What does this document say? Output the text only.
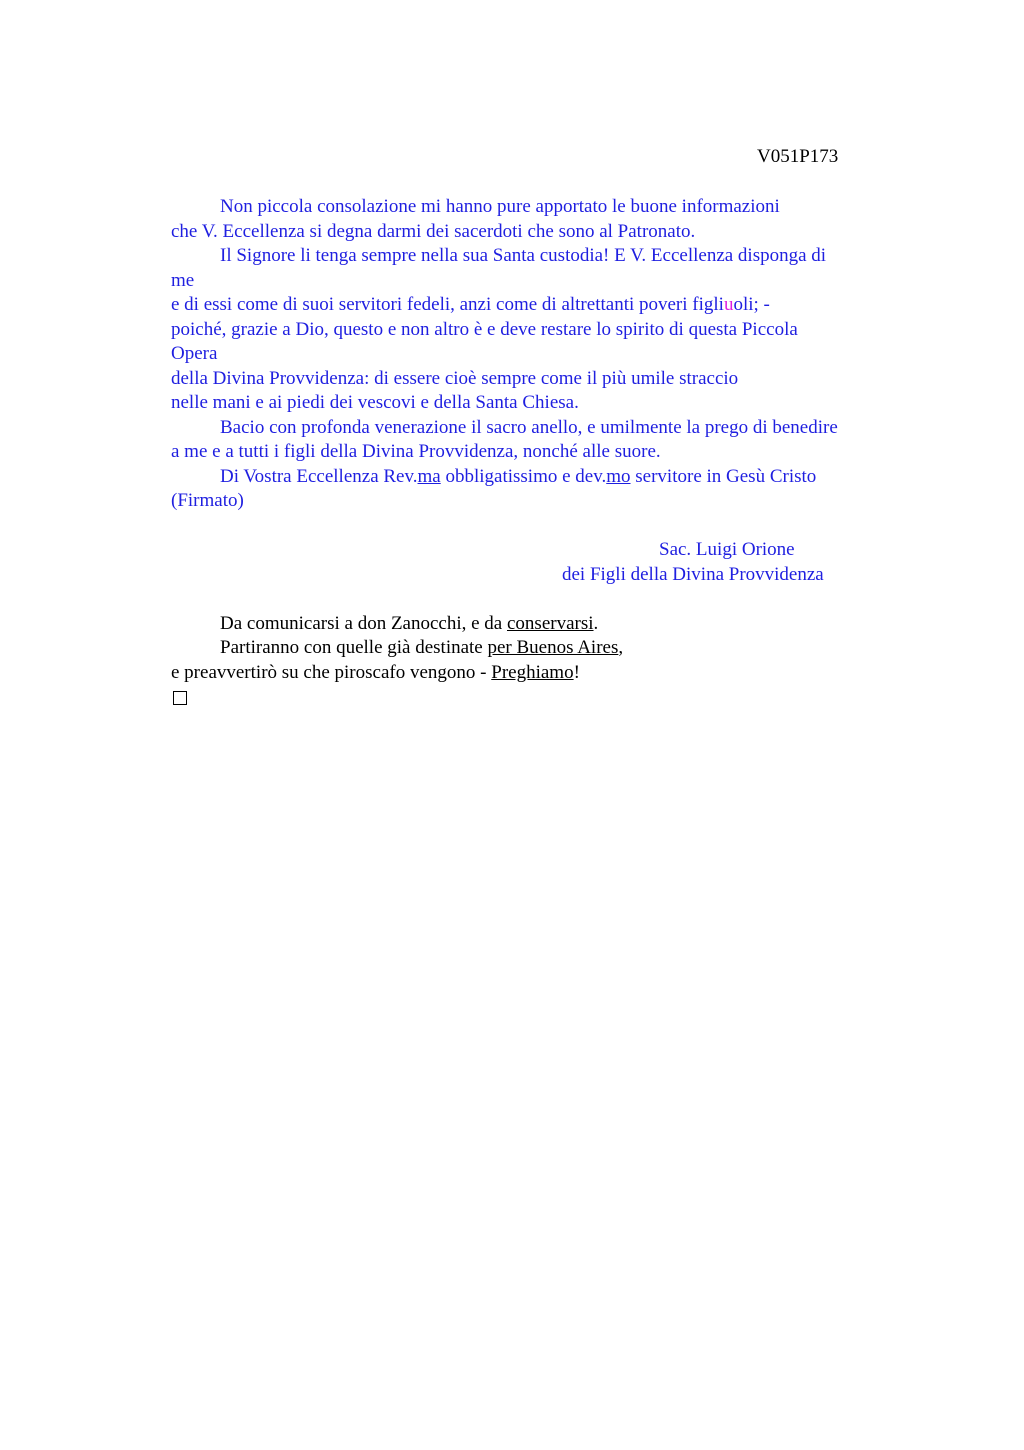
V051P173
Non piccola consolazione mi hanno pure apportato le buone informazioni
che V. Eccellenza si degna darmi dei sacerdoti che sono al Patronato.
Il Signore li tenga sempre nella sua Santa custodia! E V. Eccellenza disponga di
me
e di essi come di suoi servitori fedeli, anzi come di altrettanti poveri figliuoli; -
poiché, grazie a Dio, questo e non altro è e deve restare lo spirito di questa Piccola
Opera
della Divina Provvidenza: di essere cioè sempre come il più umile straccio
nelle mani e ai piedi dei vescovi e della Santa Chiesa.
Bacio con profonda venerazione il sacro anello, e umilmente la prego di benedire
a me e a tutti i figli della Divina Provvidenza, nonché alle suore.
Di Vostra Eccellenza Rev.ma obbligatissimo e dev.mo servitore in Gesù Cristo
(Firmato)
Sac. Luigi Orione
dei Figli della Divina Provvidenza
Da comunicarsi a don Zanocchi, e da conservarsi.
Partiranno con quelle già destinate per Buenos Aires,
e preavvertirò su che piroscafo vengono - Preghiamo!
